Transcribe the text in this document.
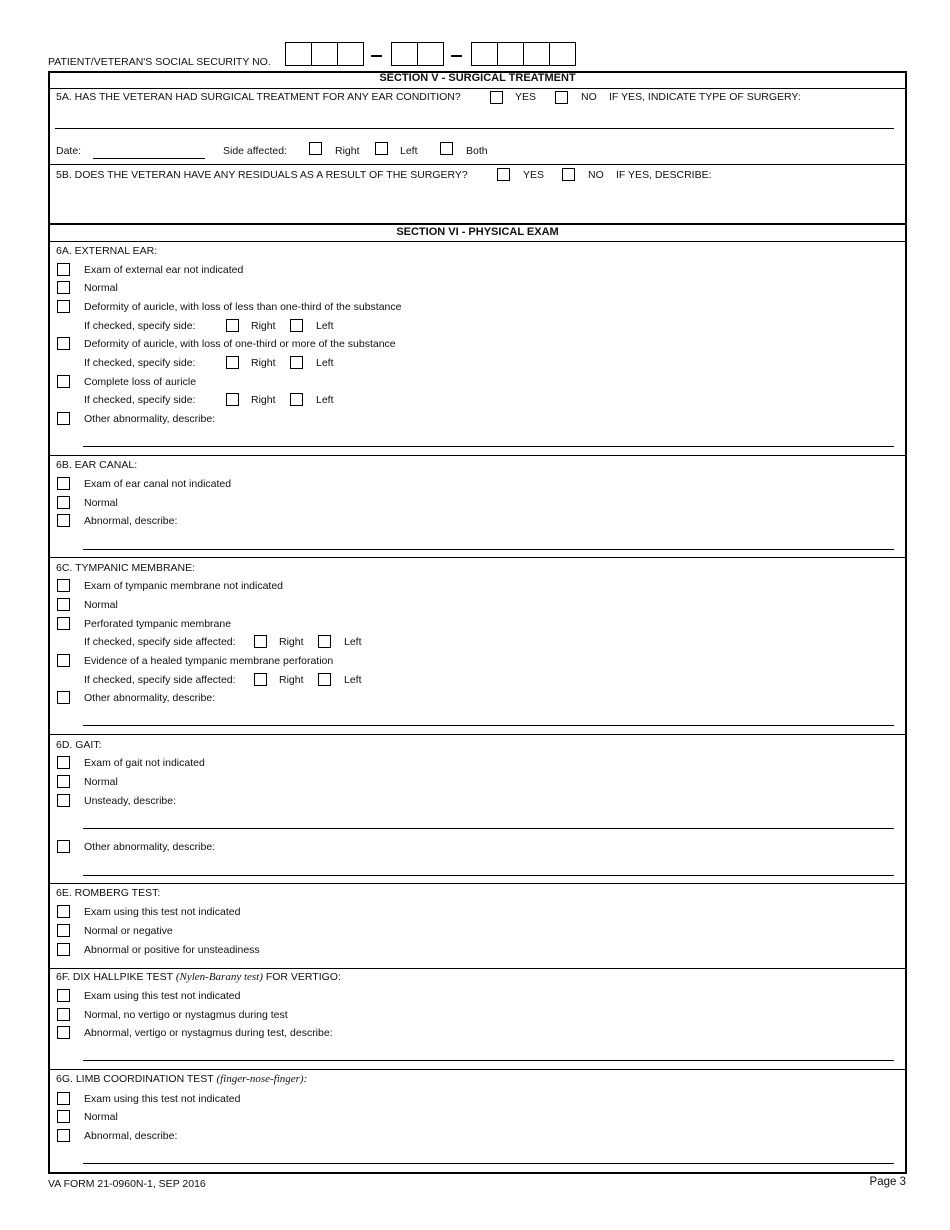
PATIENT/VETERAN'S SOCIAL SECURITY NO.
SECTION V - SURGICAL TREATMENT
5A. HAS THE VETERAN HAD SURGICAL TREATMENT FOR ANY EAR CONDITION?	YES	NO IF YES, INDICATE TYPE OF SURGERY:
Date:	Side affected:	Right	Left	Both
5B. DOES THE VETERAN HAVE ANY RESIDUALS AS A RESULT OF THE SURGERY?	YES	NO IF YES, DESCRIBE:
SECTION VI - PHYSICAL EXAM
6A. EXTERNAL EAR:
Exam of external ear not indicated
Normal
Deformity of auricle, with loss of less than one-third of the substance
If checked, specify side:	Right	Left
Deformity of auricle, with loss of one-third or more of the substance
If checked, specify side:	Right	Left
Complete loss of auricle
If checked, specify side:	Right	Left
Other abnormality, describe:
6B. EAR CANAL:
Exam of ear canal not indicated
Normal
Abnormal, describe:
6C. TYMPANIC MEMBRANE:
Exam of tympanic membrane not indicated
Normal
Perforated tympanic membrane
If checked, specify side affected:	Right	Left
Evidence of a healed tympanic membrane perforation
If checked, specify side affected:	Right	Left
Other abnormality, describe:
6D. GAIT:
Exam of gait not indicated
Normal
Unsteady, describe:
Other abnormality, describe:
6E. ROMBERG TEST:
Exam using this test not indicated
Normal or negative
Abnormal or positive for unsteadiness
6F. DIX HALLPIKE TEST (Nylen-Barany test) FOR VERTIGO:
Exam using this test not indicated
Normal, no vertigo or nystagmus during test
Abnormal, vertigo or nystagmus during test, describe:
6G. LIMB COORDINATION TEST (finger-nose-finger):
Exam using this test not indicated
Normal
Abnormal, describe:
VA FORM 21-0960N-1, SEP 2016	Page 3
